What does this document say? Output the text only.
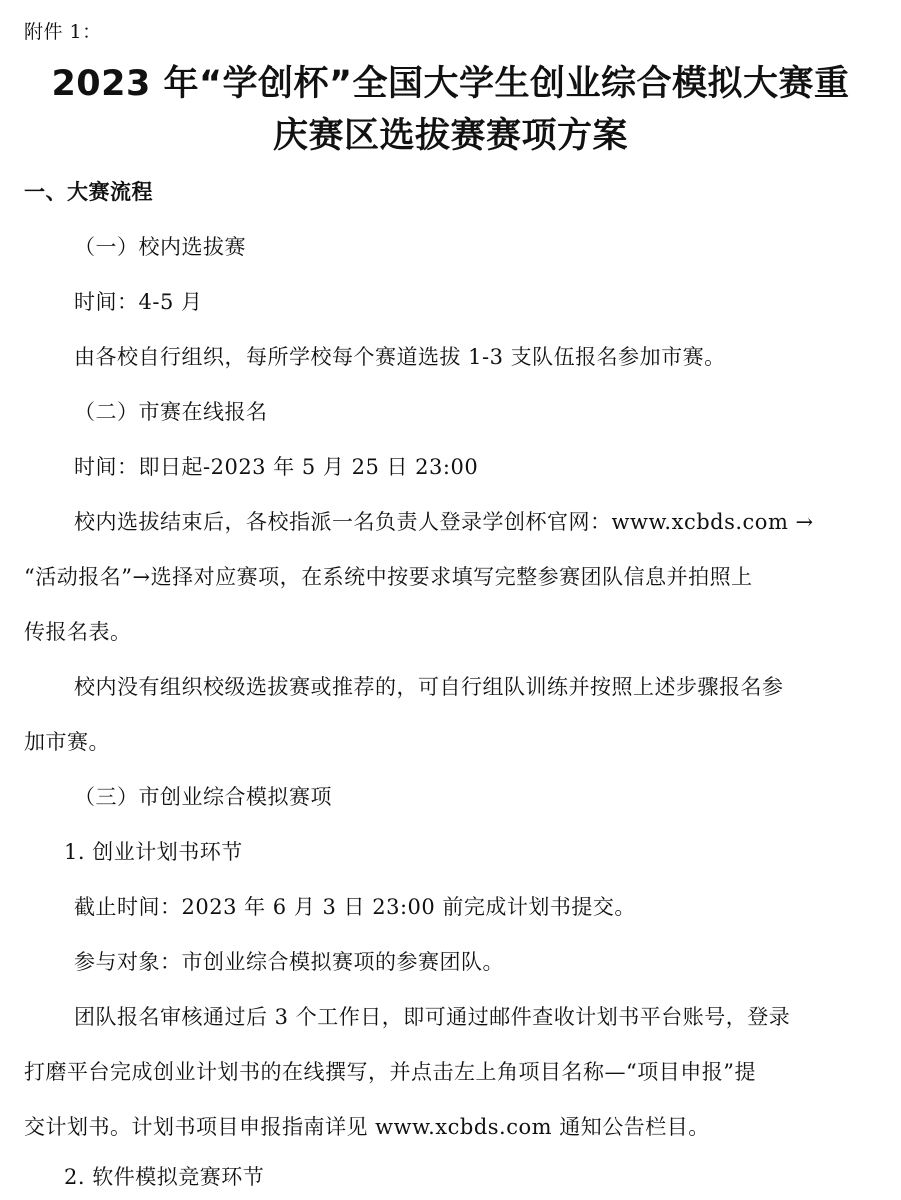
附件 1：
2023 年“学创杯”全国大学生创业综合模拟大赛重
庆赛区选拔赛赛项方案
一、大赛流程
（一）校内选拔赛
时间：4-5 月
由各校自行组织，每所学校每个赛道选拔 1-3 支队伍报名参加市赛。
（二）市赛在线报名
时间：即日起-2023 年 5 月 25 日 23:00
校内选拔结束后，各校指派一名负责人登录学创杯官网：www.xcbds.com →
“活动报名”→选择对应赛项，在系统中按要求填写完整参赛团队信息并拍照上
传报名表。
校内没有组织校级选拔赛或推荐的，可自行组队训练并按照上述步骤报名参
加市赛。
（三）市创业综合模拟赛项
1. 创业计划书环节
截止时间：2023 年 6 月 3 日 23:00 前完成计划书提交。
参与对象：市创业综合模拟赛项的参赛团队。
团队报名审核通过后 3 个工作日，即可通过邮件查收计划书平台账号，登录
打磨平台完成创业计划书的在线撰写，并点击左上角项目名称—“项目申报”提
交计划书。计划书项目申报指南详见 www.xcbds.com 通知公告栏目。
2. 软件模拟竞赛环节
